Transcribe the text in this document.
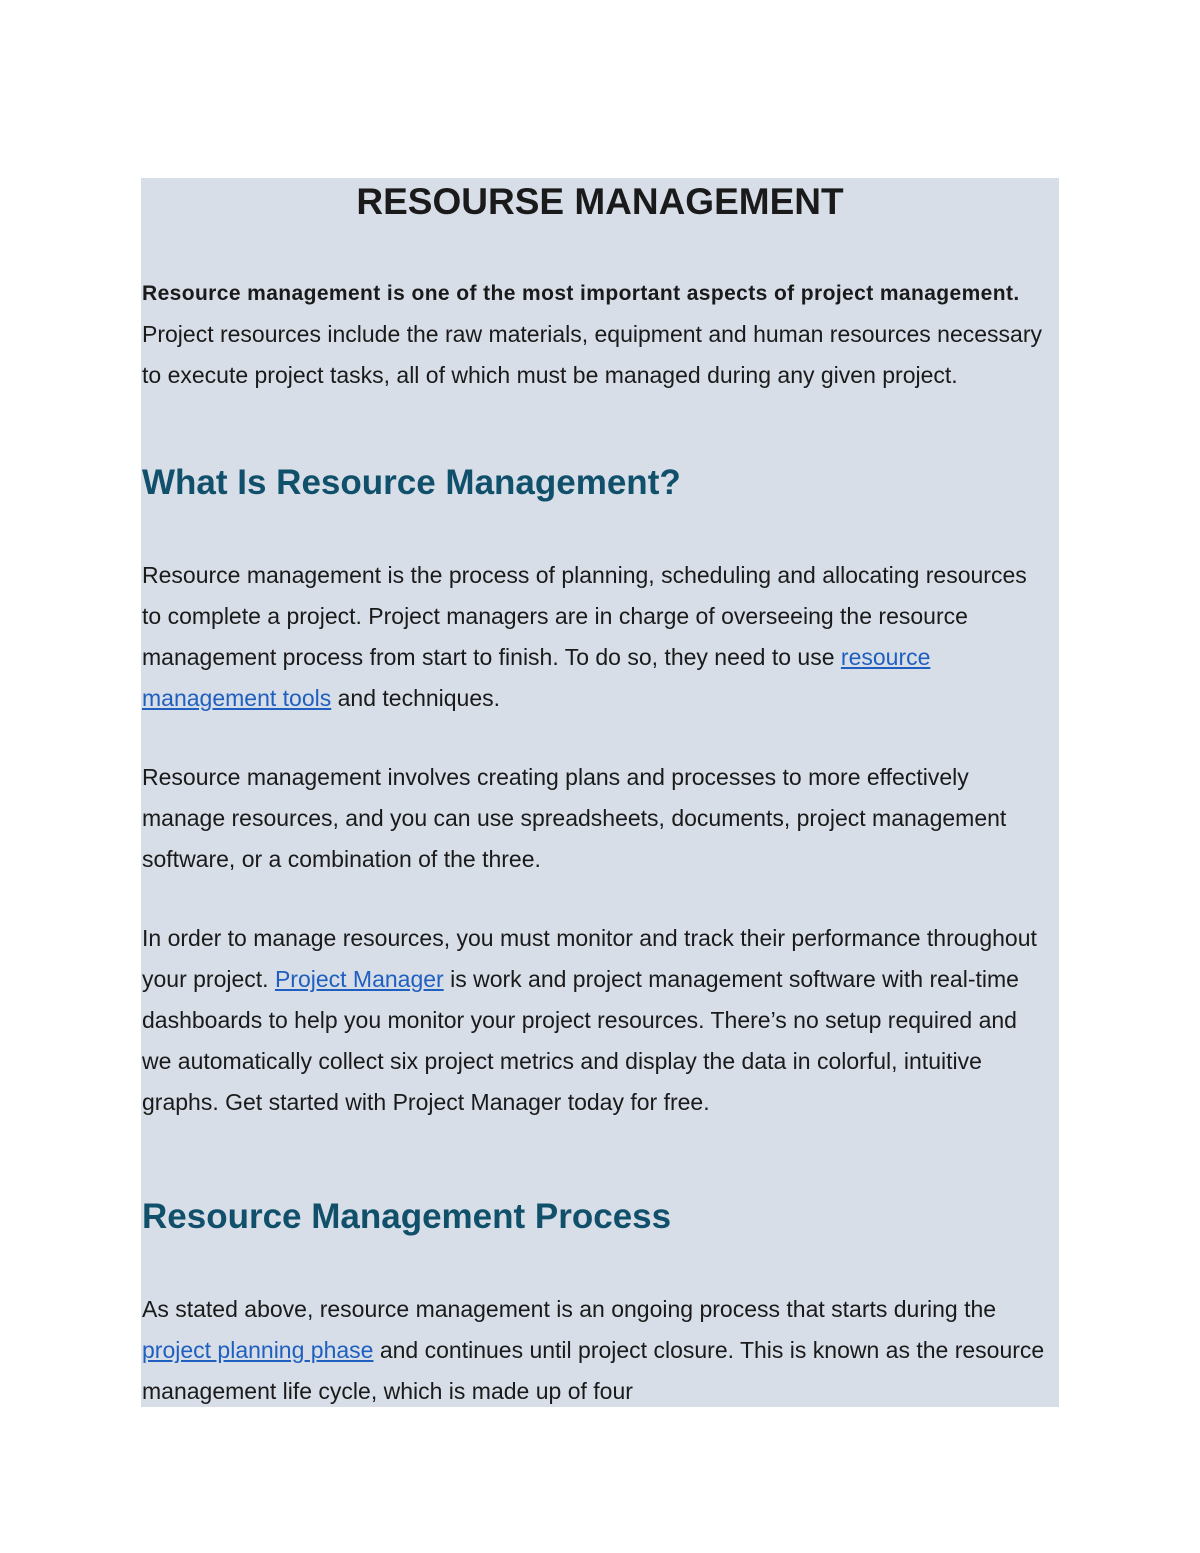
RESOURSE MANAGEMENT

Resource management is one of the most important aspects of project management. Project resources include the raw materials, equipment and human resources necessary to execute project tasks, all of which must be managed during any given project.

What Is Resource Management?

Resource management is the process of planning, scheduling and allocating resources to complete a project. Project managers are in charge of overseeing the resource management process from start to finish. To do so, they need to use resource management tools and techniques.

Resource management involves creating plans and processes to more effectively manage resources, and you can use spreadsheets, documents, project management software, or a combination of the three.

In order to manage resources, you must monitor and track their performance throughout your project. Project Manager is work and project management software with real-time dashboards to help you monitor your project resources. There’s no setup required and we automatically collect six project metrics and display the data in colorful, intuitive graphs. Get started with Project Manager today for free.

Resource Management Process

As stated above, resource management is an ongoing process that starts during the project planning phase and continues until project closure. This is known as the resource management life cycle, which is made up of four
